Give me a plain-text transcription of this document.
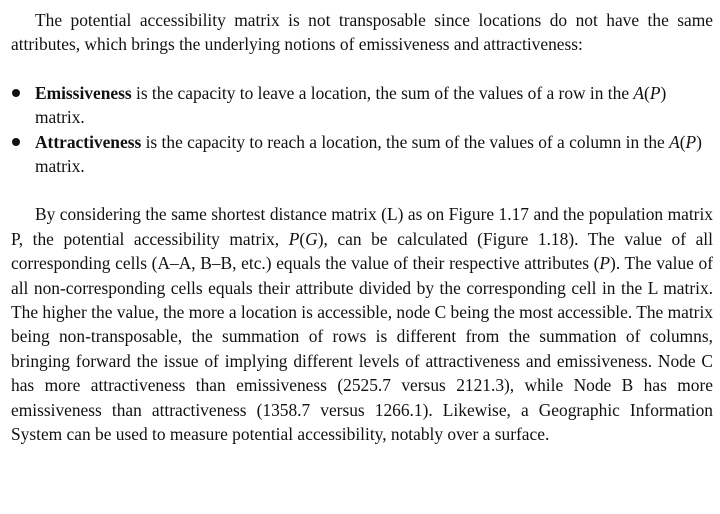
The potential accessibility matrix is not transposable since locations do not have the same attributes, which brings the underlying notions of emissiveness and attractiveness:

Emissiveness is the capacity to leave a location, the sum of the values of a row in the A(P) matrix.
Attractiveness is the capacity to reach a location, the sum of the values of a column in the A(P) matrix.

By considering the same shortest distance matrix (L) as on Figure 1.17 and the population matrix P, the potential accessibility matrix, P(G), can be calculated (Figure 1.18). The value of all corresponding cells (A–A, B–B, etc.) equals the value of their respective attributes (P). The value of all non-corresponding cells equals their attribute divided by the corresponding cell in the L matrix. The higher the value, the more a location is accessible, node C being the most accessible. The matrix being non-transposable, the summation of rows is different from the summation of columns, bringing forward the issue of implying different levels of attractiveness and emissiveness. Node C has more attractiveness than emissiveness (2525.7 versus 2121.3), while Node B has more emissiveness than attractiveness (1358.7 versus 1266.1). Likewise, a Geographic Information System can be used to measure potential accessibility, notably over a surface.
